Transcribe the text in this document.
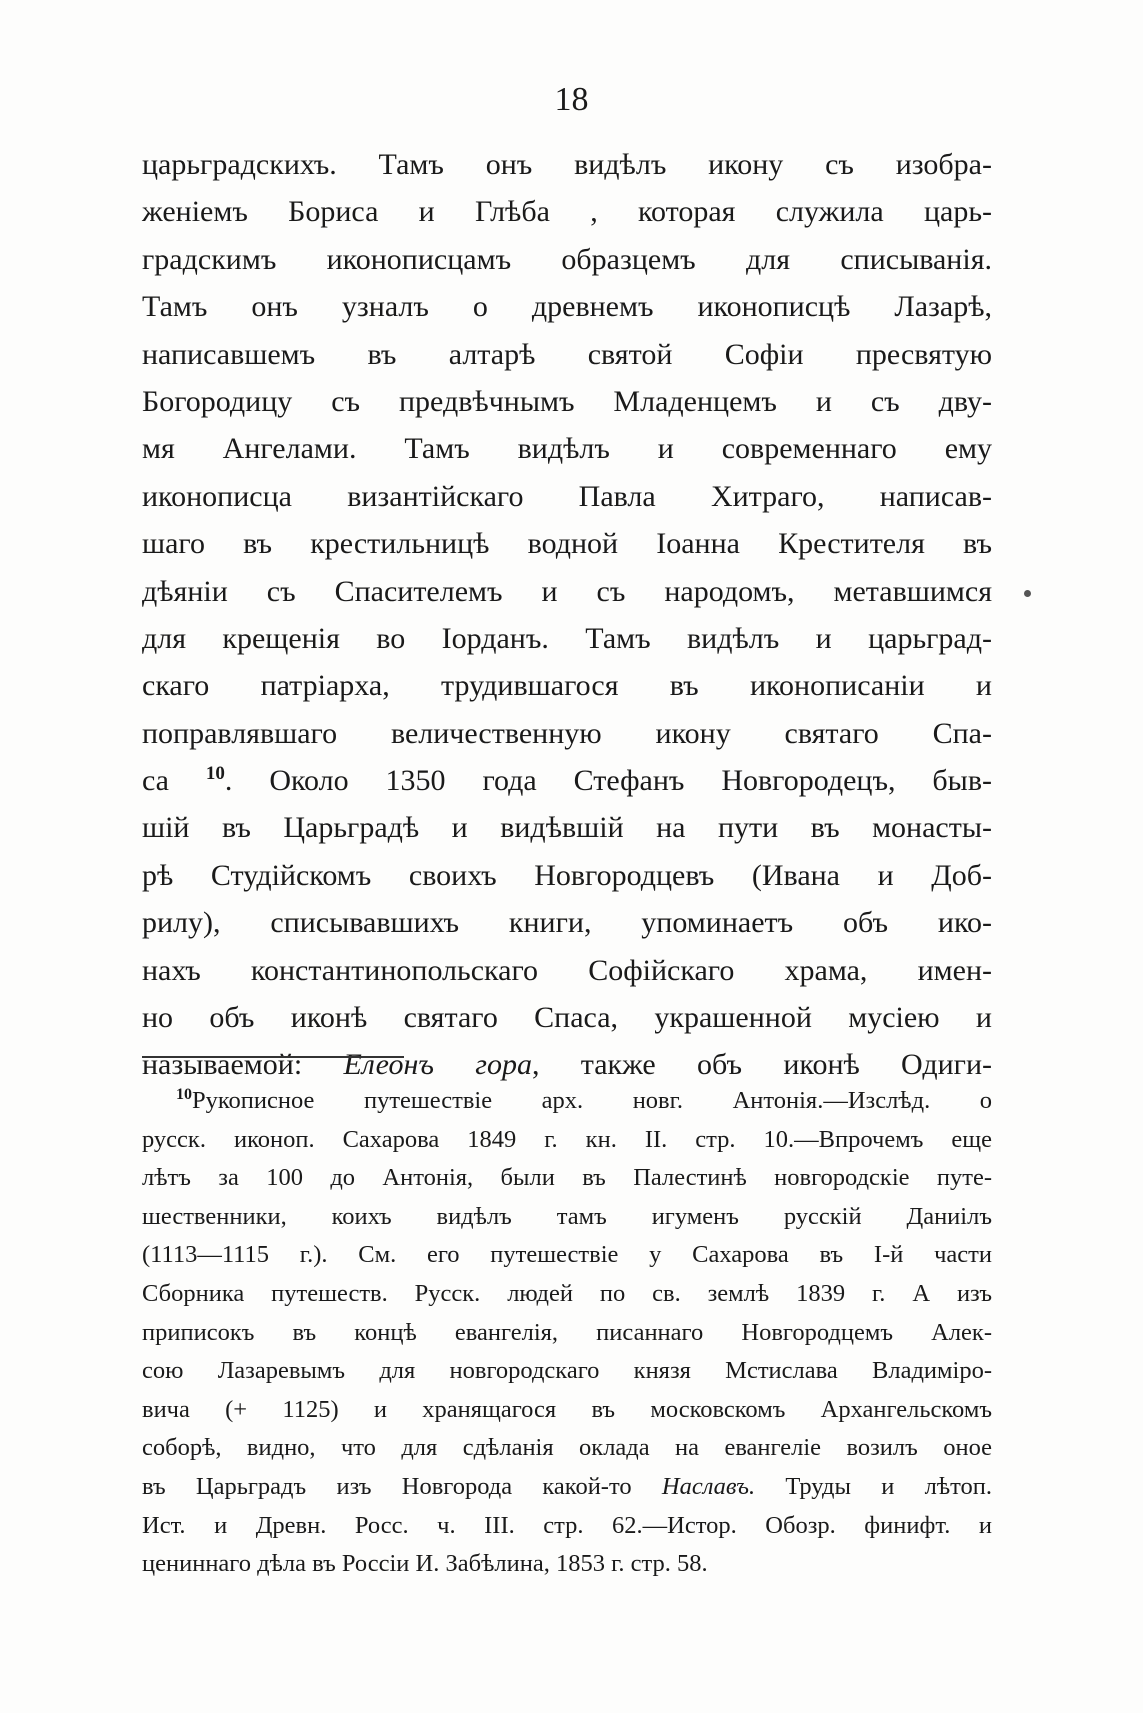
18
царьградскихъ. Тамъ онъ видѣлъ икону съ изобра-
женiемъ Бориса и Глѣба , которая служила царь-
градскимъ иконописцамъ образцемъ для списыванiя.
Тамъ онъ узналъ о древнемъ иконописцѣ Лазарѣ,
написавшемъ въ алтарѣ святой Софiи пресвятую
Богородицу съ предвѣчнымъ Младенцемъ и съ дву-
мя Ангелами. Тамъ видѣлъ и современнаго ему
иконописца византiйскаго Павла Хитраго, написав-
шаго въ крестильницѣ водной Iоанна Крестителя въ
дѣянiи съ Спасителемъ и съ народомъ, метавшимся
для крещенiя во Iорданъ. Тамъ видѣлъ и царьград-
скаго патрiарха, трудившагося въ иконописанiи и
поправлявшаго величественную икону святаго Спа-
са $^{10}$. Около 1350 года Стефанъ Новгородецъ, быв-
шiй въ Царьградѣ и видѣвшiй на пути въ монасты-
рѣ Студiйскомъ своихъ Новгородцевъ (Ивана и Доб-
рилу), списывавшихъ книги, упоминаетъ объ ико-
нахъ константинопольскаго Софiйскаго храма, имен-
но объ иконѣ святаго Спаса, украшенной мусiею и
называемой: Елеонъ гора, также объ иконѣ Одиги-
$^{10}$Рукописное путешествiе арх. новг. Антонiя.—Изслѣд. о
русск. иконоп. Сахарова 1849 г. кн. II. стр. 10.—Впрочемъ еще
лѣтъ за 100 до Антонiя, были въ Палестинѣ новгородскiе путе-
шественники, коихъ видѣлъ тамъ игуменъ русскiй Даниiлъ
(1113—1115 г.). См. его путешествiе у Сахарова въ I-й части
Сборника путешеств. Русск. людей по св. землѣ 1839 г. А изъ
приписокъ въ концѣ евангелiя, писаннаго Новгородцемъ Алек-
сою Лазаревымъ для новгородскаго князя Мстислава Владимiро-
вича (+ 1125) и хранящагося въ московскомъ Архангельскомъ
соборѣ, видно, что для сдѣланiя оклада на евангелiе возилъ оное
въ Царьградъ изъ Новгорода какой-то Наславъ. Труды и лѣтоп.
Ист. и Древн. Росс. ч. III. стр. 62.—Истор. Обозр. финифт. и
цениннаго дѣла въ Россiи И. Забѣлина, 1853 г. стр. 58.
